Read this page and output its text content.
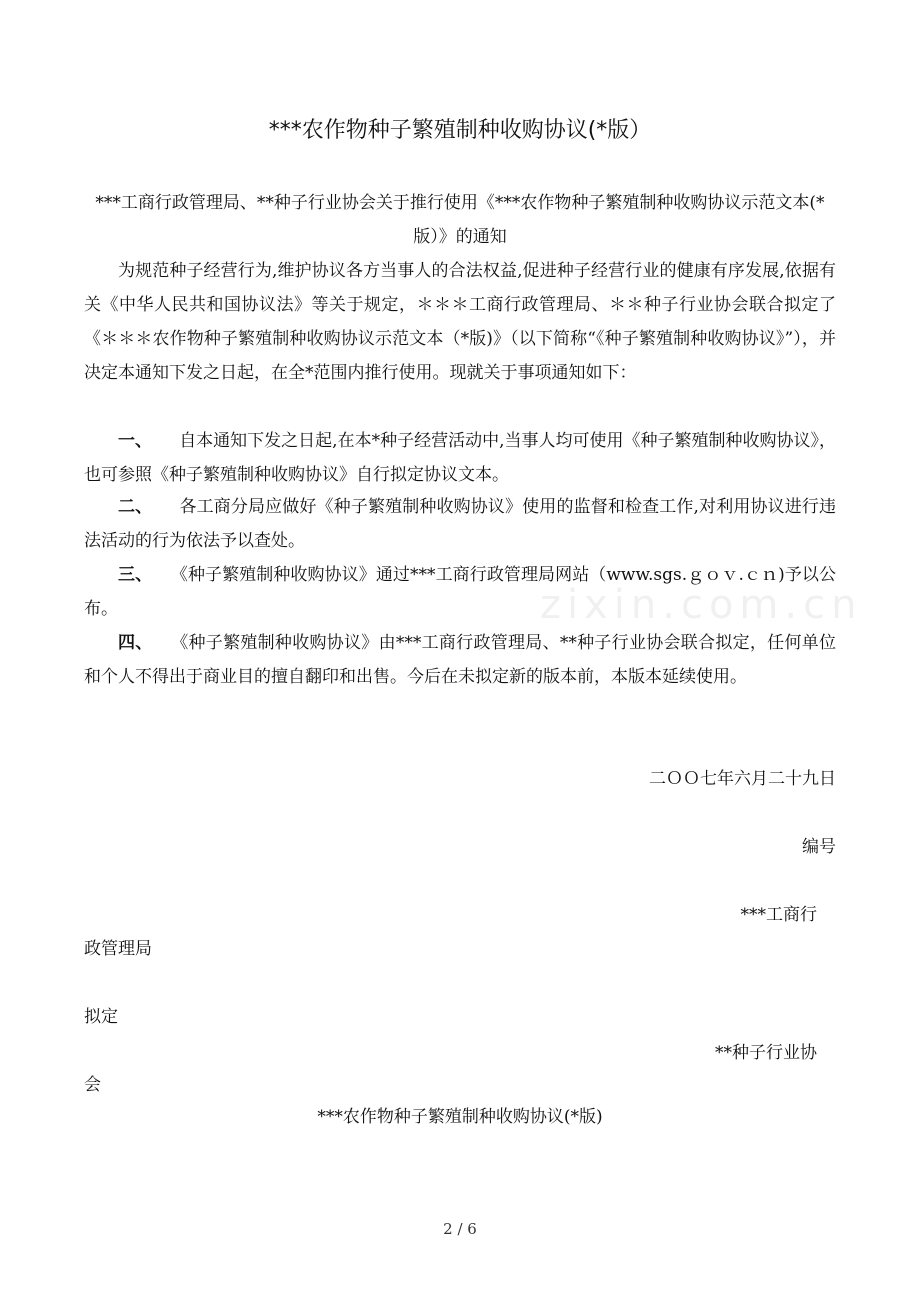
zixin.com.cn
***农作物种子繁殖制种收购协议(*版）
***工商行政管理局、**种子行业协会关于推行使用《***农作物种子繁殖制种收购协议示范文本(*版）》的通知
为规范种子经营行为,维护协议各方当事人的合法权益,促进种子经营行业的健康有序发展,依据有关《中华人民共和国协议法》等关于规定，＊＊＊工商行政管理局、＊＊种子行业协会联合拟定了《＊＊＊农作物种子繁殖制种收购协议示范文本（*版)》（以下简称“《种子繁殖制种收购协议》”），并决定本通知下发之日起，在全*范围内推行使用。现就关于事项通知如下：
一、 自本通知下发之日起,在本*种子经营活动中,当事人均可使用《种子繁殖制种收购协议》，也可参照《种子繁殖制种收购协议》自行拟定协议文本。
二、 各工商分局应做好《种子繁殖制种收购协议》使用的监督和检查工作,对利用协议进行违法活动的行为依法予以查处。
三、 《种子繁殖制种收购协议》通过***工商行政管理局网站（www.sgs.ｇｏｖ.ｃｎ)予以公布。
四、 《种子繁殖制种收购协议》由***工商行政管理局、**种子行业协会联合拟定，任何单位和个人不得出于商业目的擅自翻印和出售。今后在未拟定新的版本前，本版本延续使用。
二ＯＯ七年六月二十九日
编号
***工商行
政管理局
拟定
**种子行业协
会
***农作物种子繁殖制种收购协议(*版)
2 / 6
